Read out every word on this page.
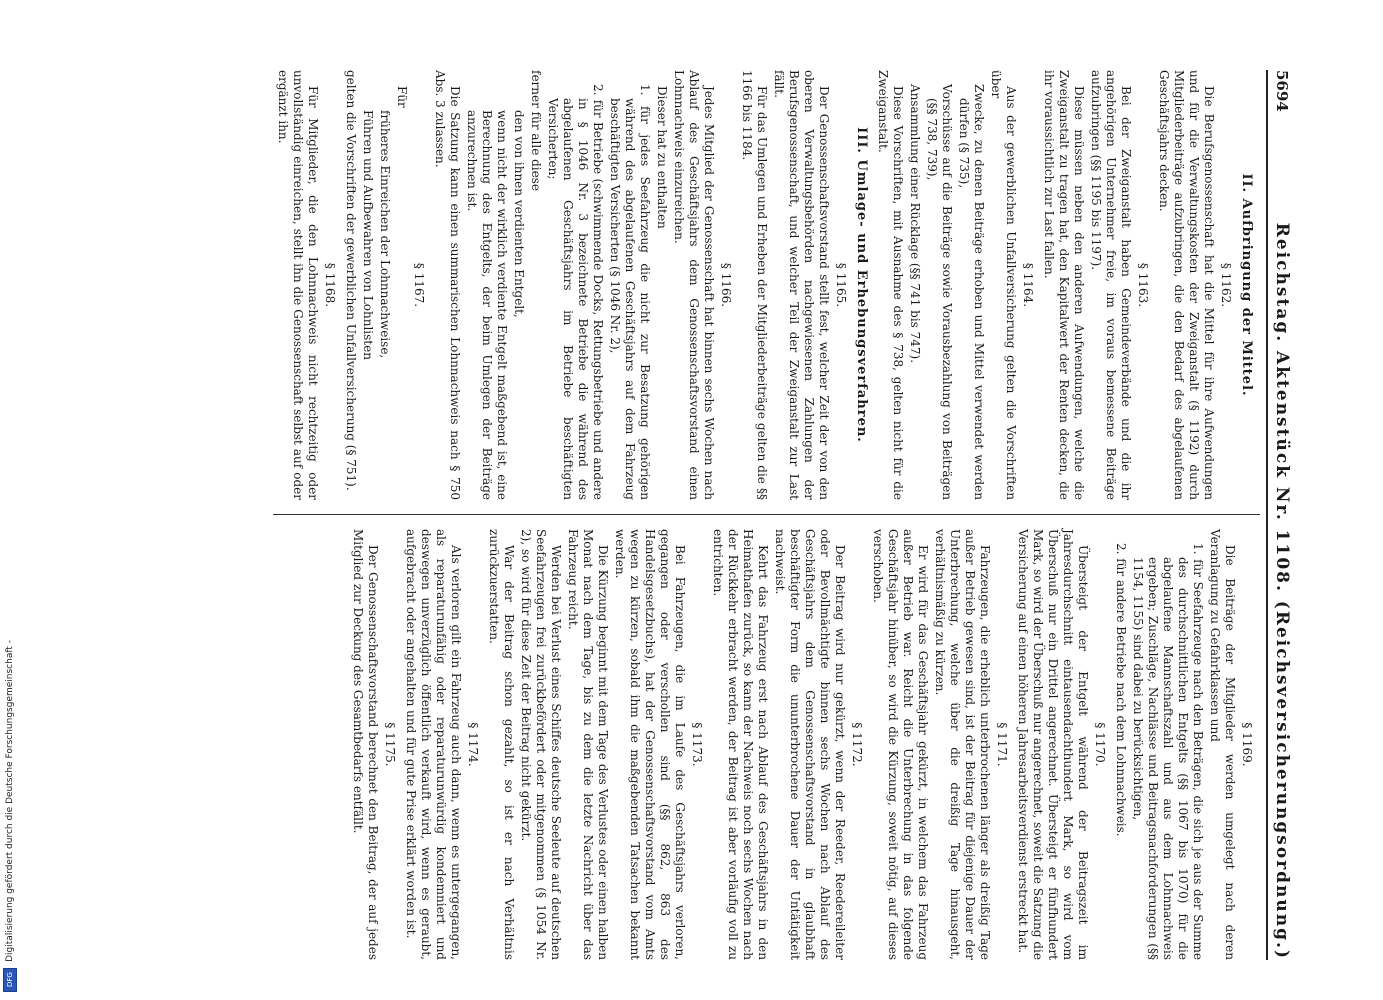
Digitalisierung gefördert durch die Deutsche Forschungsgemeinschaft -
DFG
5694
Reichstag. Aktenstück Nr. 1108. (Reichsversicherungsordnung.)
II. Aufbringung der Mittel.
§ 1162.

Die Berufsgenossenschaft hat die Mittel für ihre Aufwendungen und für die Verwaltungskosten der Zweiganstalt (§ 1192) durch Mitgliederbeiträge aufzubringen, die den Bedarf des abgelaufenen Geschäftsjahrs decken.

§ 1163.

Bei der Zweiganstalt haben Gemeindeverbände und die ihr angehörigen Unternehmer freie, im voraus bemessene Beiträge aufzubringen (§§ 1195 bis 1197).

Diese müssen neben den anderen Aufwendungen, welche die Zweiganstalt zu tragen hat, den Kapitalwert der Renten decken, die ihr voraussichtlich zur Last fallen.

§ 1164.

Aus der gewerblichen Unfallversicherung gelten die Vorschriften über

Zwecke, zu denen Beiträge erhoben und Mittel verwendet werden dürfen (§ 735),

Vorschüsse auf die Beiträge sowie Vorausbezahlung von Beiträgen (§§ 738, 739),

Ansammlung einer Rücklage (§§ 741 bis 747).

Diese Vorschriften, mit Ausnahme des § 738, gelten nicht für die Zweiganstalt.

III. Umlage- und Erhebungsverfahren.
§ 1165.

Der Genossenschaftsvorstand stellt fest, welcher Zeit der von den oberen Verwaltungsbehörden nachgewiesenen Zahlungen der Berufsgenossenschaft, und welcher Teil der Zweiganstalt zur Last fällt.

Für das Umlegen und Erheben der Mitgliederbeiträge gelten die §§ 1166 bis 1184.

§ 1166.

Jedes Mitglied der Genossenschaft hat binnen sechs Wochen nach Ablauf des Geschäftsjahrs dem Genossenschaftsvorstand einen Lohnnachweis einzureichen.

Dieser hat zu enthalten

1. für jedes Seefahrzeug die nicht zur Besatzung gehörigen während des abgelaufenen Geschäftsjahrs auf dem Fahrzeug beschäftigten Versicherten (§ 1046 Nr. 2),

2. für Betriebe (schwimmende Docks, Rettungsbetriebe und andere in § 1046 Nr. 3 bezeichnete Betriebe die während des abgelaufenen Geschäftsjahrs im Betriebe beschäftigten Versicherten;

ferner für alle diese

den von ihnen verdienten Entgelt,

wenn nicht der wirklich verdiente Entgelt maßgebend ist, eine Berechnung des Entgelts, der beim Umlegen der Beiträge anzurechnen ist.

Die Satzung kann einen summarischen Lohnnachweis nach § 750 Abs. 3 zulassen.

§ 1167.

Für

früheres Einreichen der Lohnnachweise,

Führen und Aufbewahren von Lohnlisten

gelten die Vorschriften der gewerblichen Unfallversicherung (§ 751).

§ 1168.

Für Mitglieder, die den Lohnnachweis nicht rechtzeitig oder unvollständig einreichen, stellt ihn die Genossenschaft selbst auf oder ergänzt ihn.

§ 1169.

Die Beiträge der Mitglieder werden umgelegt nach deren Veranlagung zu Gefahrklassen und

1. für Seefahrzeuge nach den Beträgen, die sich je aus der Summe des durchschnittlichen Entgelts (§§ 1067 bis 1070) für die abgelaufene Mannschaftszahl und aus dem Lohnnachweis ergeben; Zuschläge, Nachlässe und Beitragsnachforderungen (§§ 1154, 1155) sind dabei zu berücksichtigen,

2. für andere Betriebe nach dem Lohnnachweis.

§ 1170.

Übersteigt der Entgelt während der Beitragszeit im Jahresdurchschnitt eintausendachthundert Mark, so wird vom Überschuß nur ein Drittel angerechnet. Übersteigt er fünfhundert Mark, so wird der Überschuß nur angerechnet, soweit die Satzung die Versicherung auf einen höheren Jahresarbeitsverdienst erstreckt hat.

§ 1171.

Fahrzeugen, die erheblich unterbrochenen länger als dreißig Tage außer Betrieb gewesen sind, ist der Beitrag für diejenige Dauer der Unterbrechung, welche über die dreißig Tage hinausgeht, verhältnismäßig zu kürzen.

Er wird für das Geschäftsjahr gekürzt, in welchem das Fahrzeug außer Betrieb war. Reicht die Unterbrechung in das folgende Geschäftsjahr hinüber, so wird die Kürzung, soweit nötig, auf dieses verschoben.

§ 1172.

Der Beitrag wird nur gekürzt, wenn der Reeder, Reedereileiter oder Bevollmächtigte binnen sechs Wochen nach Ablauf des Geschäftsjahrs dem Genossenschaftsvorstand in glaubhaft beschäftigter Form die ununterbrochene Dauer der Untätigkeit nachweist.

Kehrt das Fahrzeug erst nach Ablauf des Geschäftsjahrs in den Heimathafen zurück, so kann der Nachweis noch sechs Wochen nach der Rückkehr erbracht werden, der Beitrag ist aber vorläufig voll zu entrichten.

§ 1173.

Bei Fahrzeugen, die im Laufe des Geschäftsjahrs verloren, gegangen oder verschollen sind (§§ 862, 863 des Handelsgesetzbuchs), hat der Genossenschaftsvorstand vom Amts wegen zu kürzen, sobald ihm die maßgebenden Tatsachen bekannt werden.

Die Kürzung beginnt mit dem Tage des Verlustes oder einen halben Monat nach dem Tage, bis zu dem die letzte Nachricht über das Fahrzeug reicht.

Werden bei Verlust eines Schiffes deutsche Seeleute auf deutschen Seefahrzeugen frei zurückbefördert oder mitgenommen (§ 1054 Nr. 2), so wird für diese Zeit der Beitrag nicht gekürzt.

War der Beitrag schon gezahlt, so ist er nach Verhältnis zurückzuerstatten.

§ 1174.

Als verloren gilt ein Fahrzeug auch dann, wenn es untergegangen, als reparaturunfähig oder reparaturunwürdig kondemniert und deswegen unverzüglich öffentlich verkauft wird, wenn es geraubt, aufgebracht oder angehalten und für gute Prise erklärt worden ist.

§ 1175.

Der Genossenschaftsvorstand berechnet den Beitrag, der auf jedes Mitglied zur Deckung des Gesamtbedarfs entfällt.
